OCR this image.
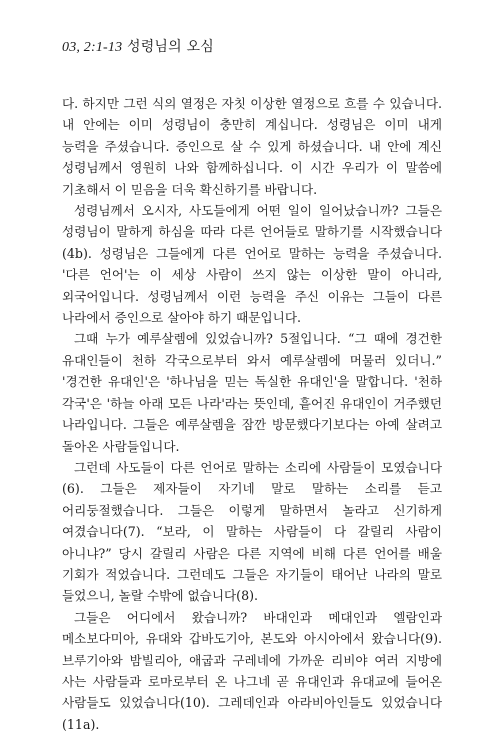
03, 2:1-13 성령님의 오심

다. 하지만 그런 식의 열정은 자칫 이상한 열정으로 흐를 수 있습니다. 내 안에는 이미 성령님이 충만히 계십니다. 성령님은 이미 내게 능력을 주셨습니다. 증인으로 살 수 있게 하셨습니다. 내 안에 계신 성령님께서 영원히 나와 함께하십니다. 이 시간 우리가 이 말씀에 기초해서 이 믿음을 더욱 확신하기를 바랍니다.

성령님께서 오시자, 사도들에게 어떤 일이 일어났습니까? 그들은 성령님이 말하게 하심을 따라 다른 언어들로 말하기를 시작했습니다(4b). 성령님은 그들에게 다른 언어로 말하는 능력을 주셨습니다. '다른 언어'는 이 세상 사람이 쓰지 않는 이상한 말이 아니라, 외국어입니다. 성령님께서 이런 능력을 주신 이유는 그들이 다른 나라에서 증인으로 살아야 하기 때문입니다.

그때 누가 예루살렘에 있었습니까? 5절입니다. “그 때에 경건한 유대인들이 천하 각국으로부터 와서 예루살렘에 머물러 있더니.” '경건한 유대인'은 '하나님을 믿는 독실한 유대인'을 말합니다. '천하 각국'은 '하늘 아래 모든 나라'라는 뜻인데, 흩어진 유대인이 거주했던 나라입니다. 그들은 예루살렘을 잠깐 방문했다기보다는 아예 살려고 돌아온 사람들입니다.

그런데 사도들이 다른 언어로 말하는 소리에 사람들이 모였습니다(6). 그들은 제자들이 자기네 말로 말하는 소리를 듣고 어리둥절했습니다. 그들은 이렇게 말하면서 놀라고 신기하게 여겼습니다(7). “보라, 이 말하는 사람들이 다 갈릴리 사람이 아니냐?” 당시 갈릴리 사람은 다른 지역에 비해 다른 언어를 배울 기회가 적었습니다. 그런데도 그들은 자기들이 태어난 나라의 말로 들었으니, 놀랄 수밖에 없습니다(8).

그들은 어디에서 왔습니까? 바대인과 메대인과 엘람인과 메소보다미아, 유대와 갑바도기아, 본도와 아시아에서 왔습니다(9). 브루기아와 밤빌리아, 애굽과 구레네에 가까운 리비야 여러 지방에 사는 사람들과 로마로부터 온 나그네 곧 유대인과 유대교에 들어온 사람들도 있었습니다(10). 그레데인과 아라비아인들도 있었습니다(11a).
